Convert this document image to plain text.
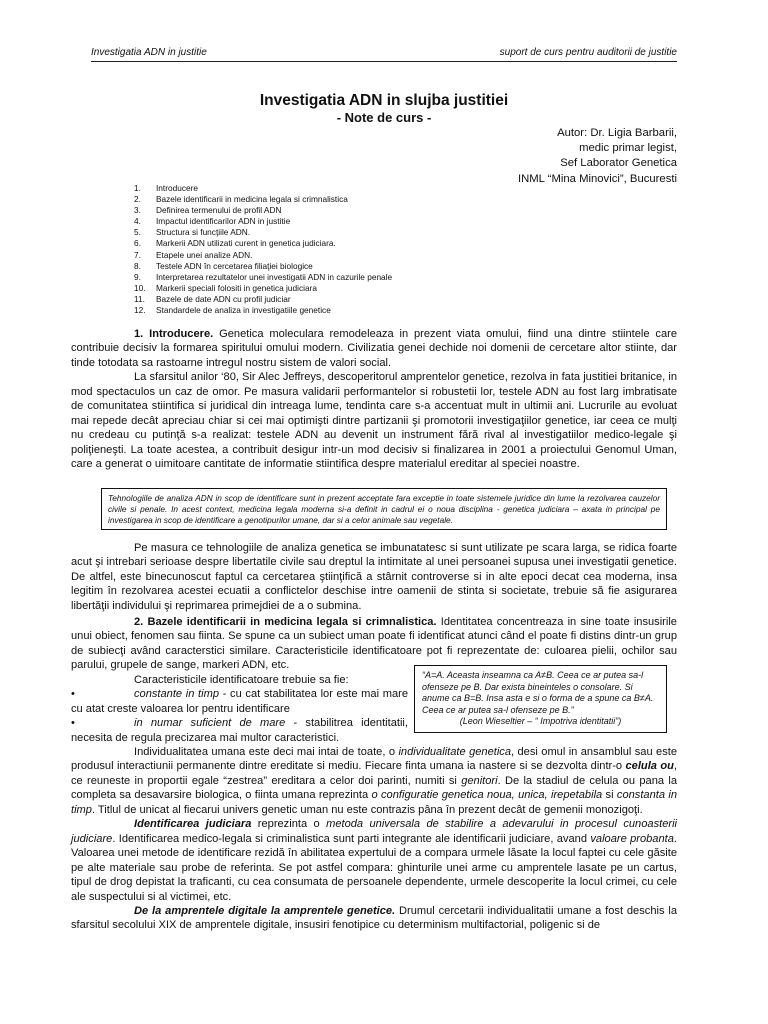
Investigatia ADN in justitie	suport de curs pentru auditorii de justitie
Investigatia ADN in slujba justitiei
- Note de curs -
Autor: Dr. Ligia Barbarii,
medic primar legist,
Sef Laborator Genetica
INML “Mina Minovici”, Bucuresti
1.	Introducere
2.	Bazele identificarii in medicina legala si crimnalistica
3.	Definirea termenului de profil ADN
4.	Impactul identificarilor ADN in justitie
5.	Structura si funcţiile ADN.
6.	Markerii ADN utilizati curent in genetica judiciara.
7.	Etapele unei analize ADN.
8.	Testele ADN în cercetarea filiaţiei biologice
9.	Interpretarea rezultatelor unei investigatii ADN in cazurile penale
10.	Markerii speciali folositi in genetica judiciara
11.	Bazele de date ADN cu profil judiciar
12.	Standardele de analiza in investigatiile genetice

1. Introducere. Genetica moleculara remodeleaza in prezent viata omului, fiind una dintre stiintele care contribuie decisiv la formarea spiritului omului modern. Civilizatia genei dechide noi domenii de cercetare altor stiinte, dar tinde totodata sa rastoarne intregul nostru sistem de valori social.

La sfarsitul anilor ‘80, Sir Alec Jeffreys, descoperitorul amprentelor genetice, rezolva in fata justitiei britanice, in mod spectaculos un caz de omor. Pe masura validarii performantelor si robustetii lor, testele ADN au fost larg imbratisate de comunitatea stiintifica si juridical din intreaga lume, tendinta care s-a accentuat mult in ultimii ani. Lucrurile au evoluat mai repede decât apreciau chiar si cei mai optimişti dintre partizanii şi promotorii investigaţiilor genetice, iar ceea ce mulţi nu credeau cu putinţă s-a realizat: testele ADN au devenit un instrument fără rival al investigatiilor medico-legale şi poliţieneşti. La toate acestea, a contribuit desigur intr-un mod decisiv si finalizarea in 2001 a proiectului Genomul Uman, care a generat o uimitoare cantitate de informatie stiintifica despre materialul ereditar al speciei noastre.

Tehnologiile de analiza ADN in scop de identificare sunt in prezent acceptate fara exceptie in toate sistemele juridice din lume la rezolvarea cauzelor civile si penale. In acest context, medicina legala moderna si-a definit in cadrul ei o noua disciplina - genetica judiciara – axata in principal pe investigarea in scop de identificare a genotipurilor umane, dar si a celor animale sau vegetale.

Pe masura ce tehnologiile de analiza genetica se imbunatatesc si sunt utilizate pe scara larga, se ridica foarte acut şi intrebari serioase despre libertatile civile sau dreptul la intimitate al unei persoanei supusa unei investigatii genetice. De altfel, este binecunoscut faptul ca cercetarea ştiinţifică a stârnit controverse si in alte epoci decat cea moderna, insa legitim în rezolvarea acestei ecuatii a conflictelor deschise intre oamenii de stinta si societate, trebuie să fie asigurarea libertăţii individului şi reprimarea primejdiei de a o submina.

2. Bazele identificarii in medicina legala si crimnalistica. Identitatea concentreaza in sine toate insusirile unui obiect, fenomen sau fiinta. Se spune ca un subiect uman poate fi identificat atunci când el poate fi distins dintr-un grup de subiecţi având caracterstici similare. Caracteristicile identificatoare pot fi reprezentate de: culoarea pielii, ochilor sau parului, grupele de sange, markeri ADN, etc.

Caracteristicile identificatoare trebuie sa fie:

•	constante in timp - cu cat stabilitatea lor este mai mare cu atat creste valoarea lor pentru identificare

•	in numar suficient de mare - stabilitrea identitatii, necesita de regula precizarea mai multor caracteristici.

“A=A. Aceasta inseamna ca A≠B. Ceea ce ar putea sa-l ofenseze pe B. Dar exista bineinteles o consolare. Si anume ca B=B. Insa asta e si o forma de a spune ca B≠A. Ceea ce ar putea sa-l ofenseze pe B.”
(Leon Wieseltier – “ Impotriva identitatii”)

Individualitatea umana este deci mai intai de toate, o individualitate genetica, desi omul in ansamblul sau este produsul interactiunii permanente dintre ereditate si mediu. Fiecare finta umana ia nastere si se dezvolta dintr-o celula ou, ce reuneste in proportii egale “zestrea” ereditara a celor doi parinti, numiti si genitori. De la stadiul de celula ou pana la completa sa desavarsire biologica, o fiinta umana reprezinta o configuratie genetica noua, unica, irepetabila si constanta in timp. Titlul de unicat al fiecarui univers genetic uman nu este contrazis pâna în prezent decât de gemenii monozigoţi.

Identificarea judiciara reprezinta o metoda universala de stabilire a adevarului in procesul cunoasterii judiciare. Identificarea medico-legala si criminalistica sunt parti integrante ale identificarii judiciare, avand valoare probanta. Valoarea unei metode de identificare rezidă în abilitatea expertului de a compara urmele lăsate la locul faptei cu cele găsite pe alte materiale sau probe de referinta. Se pot astfel compara: ghinturile unei arme cu amprentele lasate pe un cartus, tipul de drog depistat la traficanti, cu cea consumata de persoanele dependente, urmele descoperite la locul crimei, cu cele ale suspectului si al victimei, etc.

De la amprentele digitale la amprentele genetice. Drumul cercetarii individualitatii umane a fost deschis la sfarsitul secolului XIX de amprentele digitale, insusiri fenotipice cu determinism multifactorial, poligenic si de
